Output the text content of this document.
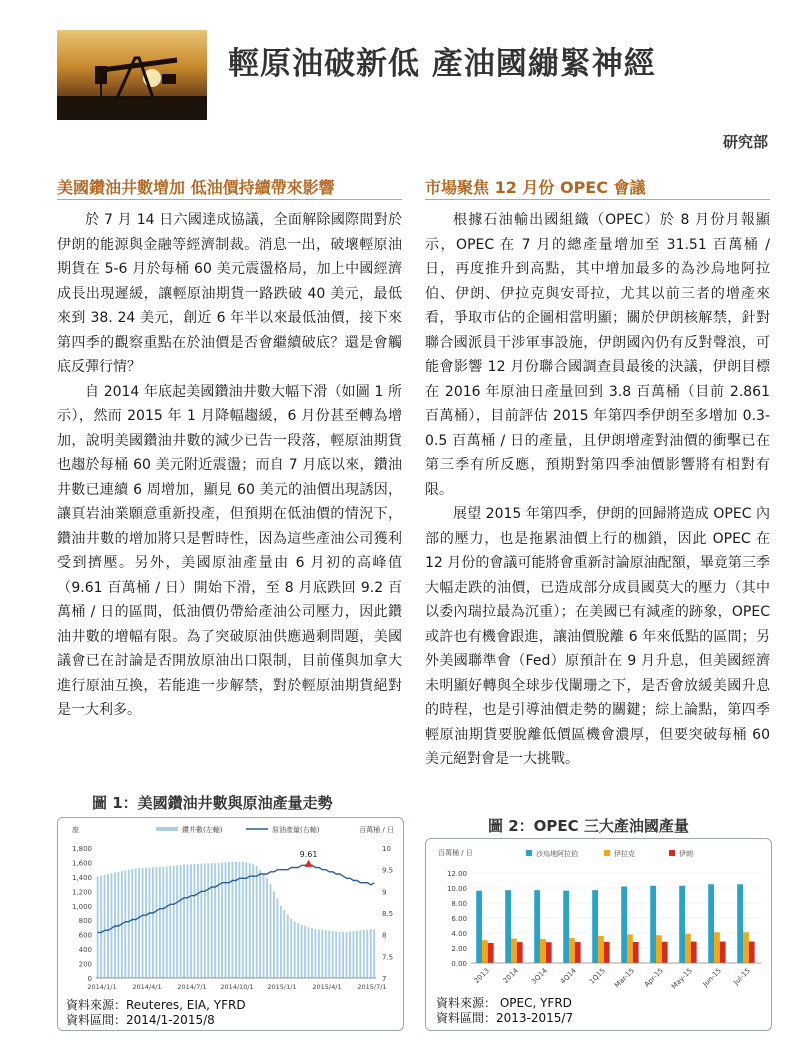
輕原油破新低 產油國繃緊神經
研究部
美國鑽油井數增加 低油價持續帶來影響

於 7 月 14 日六國達成協議，全面解除國際間對於伊朗的能源與金融等經濟制裁。消息一出，破壞輕原油期貨在 5-6 月於每桶 60 美元震盪格局，加上中國經濟成長出現遲緩，讓輕原油期貨一路跌破 40 美元，最低來到 38. 24 美元，創近 6 年半以來最低油價，接下來第四季的觀察重點在於油價是否會繼續破底？還是會觸底反彈行情？

自 2014 年底起美國鑽油井數大幅下滑（如圖 1 所示），然而 2015 年 1 月降幅趨緩，6 月份甚至轉為增加，說明美國鑽油井數的減少已告一段落，輕原油期貨也趨於每桶 60 美元附近震盪；而自 7 月底以來，鑽油井數已連續 6 周增加，顯見 60 美元的油價出現誘因，讓頁岩油業願意重新投產，但預期在低油價的情況下，鑽油井數的增加將只是暫時性，因為這些產油公司獲利受到擠壓。另外，美國原油產量由 6 月初的高峰值（9.61 百萬桶 / 日）開始下滑，至 8 月底跌回 9.2 百萬桶 / 日的區間，低油價仍帶給產油公司壓力，因此鑽油井數的增幅有限。為了突破原油供應過剩問題，美國議會已在討論是否開放原油出口限制，目前僅與加拿大進行原油互換，若能進一步解禁，對於輕原油期貨絕對是一大利多。

市場聚焦 12 月份 OPEC 會議

根據石油輸出國組織（OPEC）於 8 月份月報顯示，OPEC 在 7 月的總產量增加至 31.51 百萬桶 / 日，再度推升到高點，其中增加最多的為沙烏地阿拉伯、伊朗、伊拉克與安哥拉，尤其以前三者的增產來看，爭取市佔的企圖相當明顯；關於伊朗核解禁，針對聯合國派員干涉軍事設施，伊朗國內仍有反對聲浪，可能會影響 12 月份聯合國調查員最後的決議，伊朗目標在 2016 年原油日產量回到 3.8 百萬桶（目前 2.861 百萬桶），目前評估 2015 年第四季伊朗至多增加 0.3-0.5 百萬桶 / 日的產量，且伊朗增產對油價的衝擊已在第三季有所反應，預期對第四季油價影響將有相對有限。

展望 2015 年第四季，伊朗的回歸將造成 OPEC 內部的壓力，也是拖累油價上行的枷鎖，因此 OPEC 在 12 月份的會議可能將會重新討論原油配額，畢竟第三季大幅走跌的油價，已造成部分成員國莫大的壓力（其中以委內瑞拉最為沉重）；在美國已有減產的跡象，OPEC 或許也有機會跟進，讓油價脫離 6 年來低點的區間；另外美國聯準會（Fed）原預計在 9 月升息，但美國經濟未明顯好轉與全球步伐闌珊之下，是否會放緩美國升息的時程，也是引導油價走勢的關鍵；綜上論點，第四季輕原油期貨要脫離低價區機會濃厚，但要突破每桶 60 美元絕對會是一大挑戰。

圖 1：美國鑽油井數與原油產量走勢
座	百萬桶 / 日
鑽井數(左軸)	原油產量(右軸)
0
200
400
600
800
1,000
1,200
1,400
1,600
1,800
7
7.5
8
8.5
9
9.5
10
9.61
2014/1/1 2014/4/1 2014/7/1 2014/10/1 2015/1/1 2015/4/1 2015/7/1
資料來源：Reuteres, EIA, YFRD
資料區間：2014/1-2015/8
圖 2：OPEC 三大產油國產量
百萬桶 / 日	沙烏地阿拉伯	伊拉克	伊朗
0.00
2.00
4.00
6.00
8.00
10.00
12.00
2013 2014 3Q14 4Q14 1Q15 Mar-15 Apr-15 May-15 Jun-15 Jul-15
資料來源： OPEC, YFRD
資料區間：2013-2015/7
